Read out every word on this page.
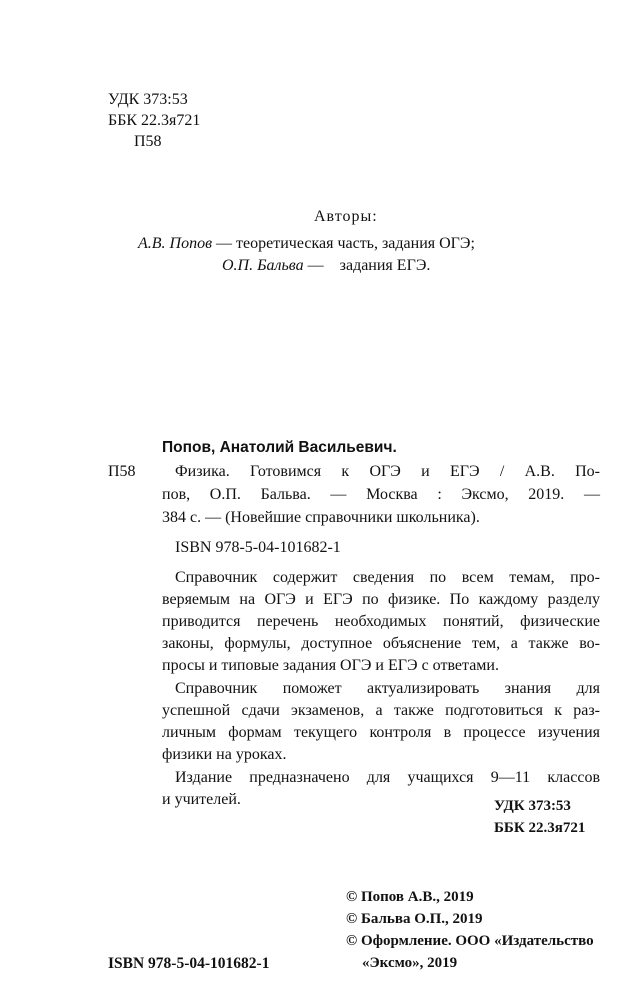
УДК 373:53
ББК 22.3я721
П58
Авторы:
А.В. Попов — теоретическая часть, задания ОГЭ;
О.П. Бальва — задания ЕГЭ.
Попов, Анатолий Васильевич.
П58 Физика. Готовимся к ОГЭ и ЕГЭ / А.В. По-
пов, О.П. Бальва. — Москва : Эксмо, 2019. —
384 с. — (Новейшие справочники школьника).
ISBN 978-5-04-101682-1
Справочник содержит сведения по всем темам, про-
веряемым на ОГЭ и ЕГЭ по физике. По каждому разделу
приводится перечень необходимых понятий, физические
законы, формулы, доступное объяснение тем, а также во-
просы и типовые задания ОГЭ и ЕГЭ с ответами.
Справочник поможет актуализировать знания для
успешной сдачи экзаменов, а также подготовиться к раз-
личным формам текущего контроля в процессе изучения
физики на уроках.
Издание предназначено для учащихся 9—11 классов
и учителей.	УДК 373:53
ББК 22.3я721
© Попов А.В., 2019
© Бальва О.П., 2019
© Оформление. ООО «Издательство
«Эксмо», 2019
ISBN 978-5-04-101682-1
